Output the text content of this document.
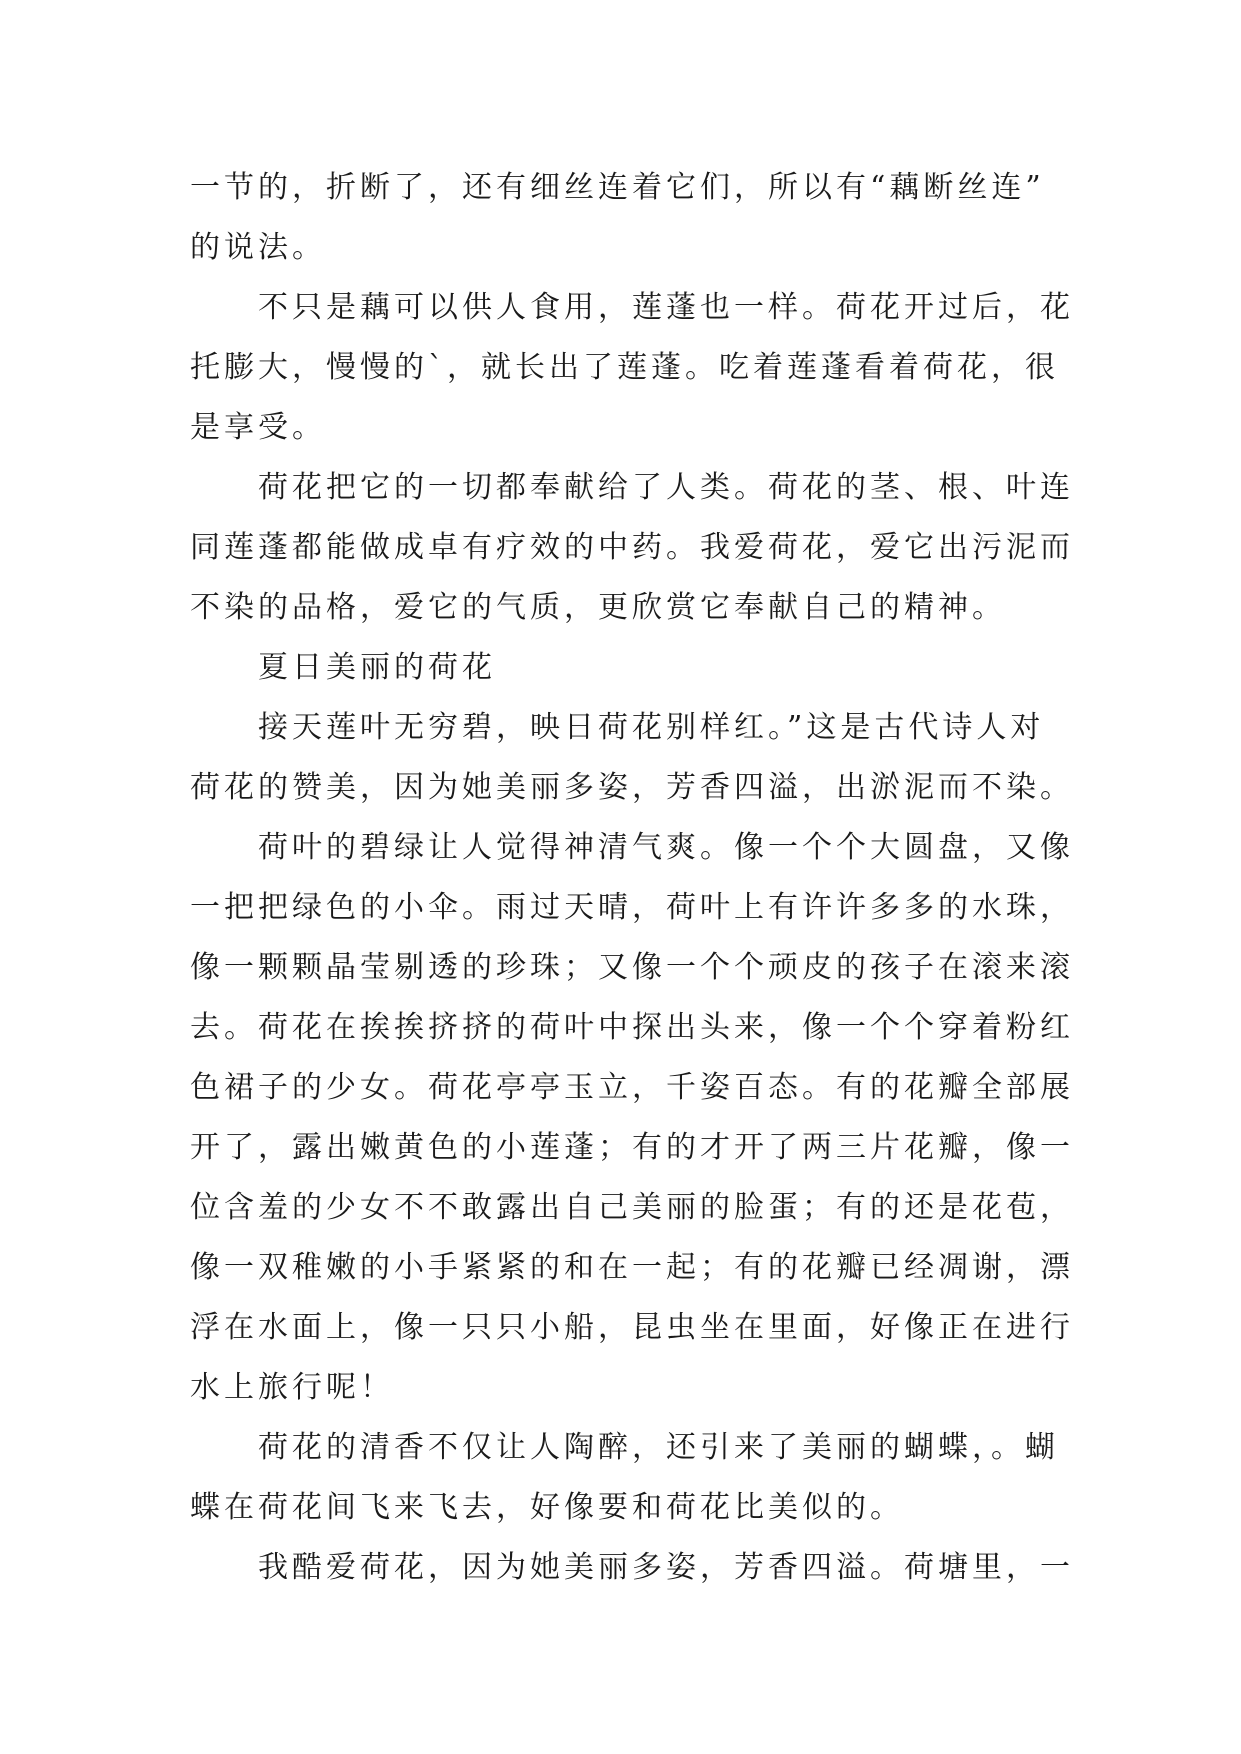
一节的，折断了，还有细丝连着它们，所以有“藕断丝连”
的说法。
不只是藕可以供人食用，莲蓬也一样。荷花开过后，花
托膨大，慢慢的`，就长出了莲蓬。吃着莲蓬看着荷花，很
是享受。
荷花把它的一切都奉献给了人类。荷花的茎、根、叶连
同莲蓬都能做成卓有疗效的中药。我爱荷花，爱它出污泥而
不染的品格，爱它的气质，更欣赏它奉献自己的精神。
夏日美丽的荷花
接天莲叶无穷碧，映日荷花别样红。”这是古代诗人对
荷花的赞美，因为她美丽多姿，芳香四溢，出淤泥而不染。
荷叶的碧绿让人觉得神清气爽。像一个个大圆盘，又像
一把把绿色的小伞。雨过天晴，荷叶上有许许多多的水珠，
像一颗颗晶莹剔透的珍珠；又像一个个顽皮的孩子在滚来滚
去。荷花在挨挨挤挤的荷叶中探出头来，像一个个穿着粉红
色裙子的少女。荷花亭亭玉立，千姿百态。有的花瓣全部展
开了，露出嫩黄色的小莲蓬；有的才开了两三片花瓣，像一
位含羞的少女不不敢露出自己美丽的脸蛋；有的还是花苞，
像一双稚嫩的小手紧紧的和在一起；有的花瓣已经凋谢，漂
浮在水面上，像一只只小船，昆虫坐在里面，好像正在进行
水上旅行呢！
荷花的清香不仅让人陶醉，还引来了美丽的蝴蝶，。蝴
蝶在荷花间飞来飞去，好像要和荷花比美似的。
我酷爱荷花，因为她美丽多姿，芳香四溢。荷塘里，一
